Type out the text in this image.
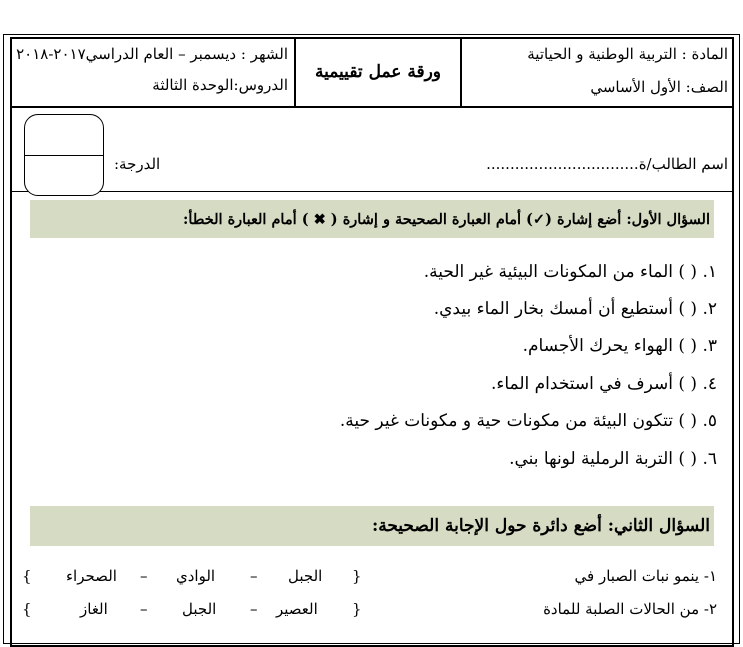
الشهر : ديسمبر – العام الدراسي٢٠١٧-٢٠١٨
الدروس:الوحدة الثالثة
ورقة عمل تقييمية
المادة : التربية الوطنية و الحياتية
الصف: الأول الأساسي
اسم الطالب/ة................................
الدرجة:
السؤال الأول: أضع إشارة (✓) أمام العبارة الصحيحة و إشارة ( ✖ ) أمام العبارة الخطأ:
١. ( ) الماء من المكونات البيئية غير الحية.
٢. ( ) أستطيع أن أمسك بخار الماء بيدي.
٣. ( ) الهواء يحرك الأجسام.
٤. ( ) أسرف في استخدام الماء.
٥. ( ) تتكون البيئة من مكونات حية و مكونات غير حية.
٦. ( ) التربة الرملية لونها بني.
السؤال الثاني: أضع دائرة حول الإجابة الصحيحة:
١- ينمو نبات الصبار في
{
الجبل
–
الوادي
–
الصحراء
}
٢- من الحالات الصلبة للمادة
{
العصير
–
الجبل
–
الغاز
}
